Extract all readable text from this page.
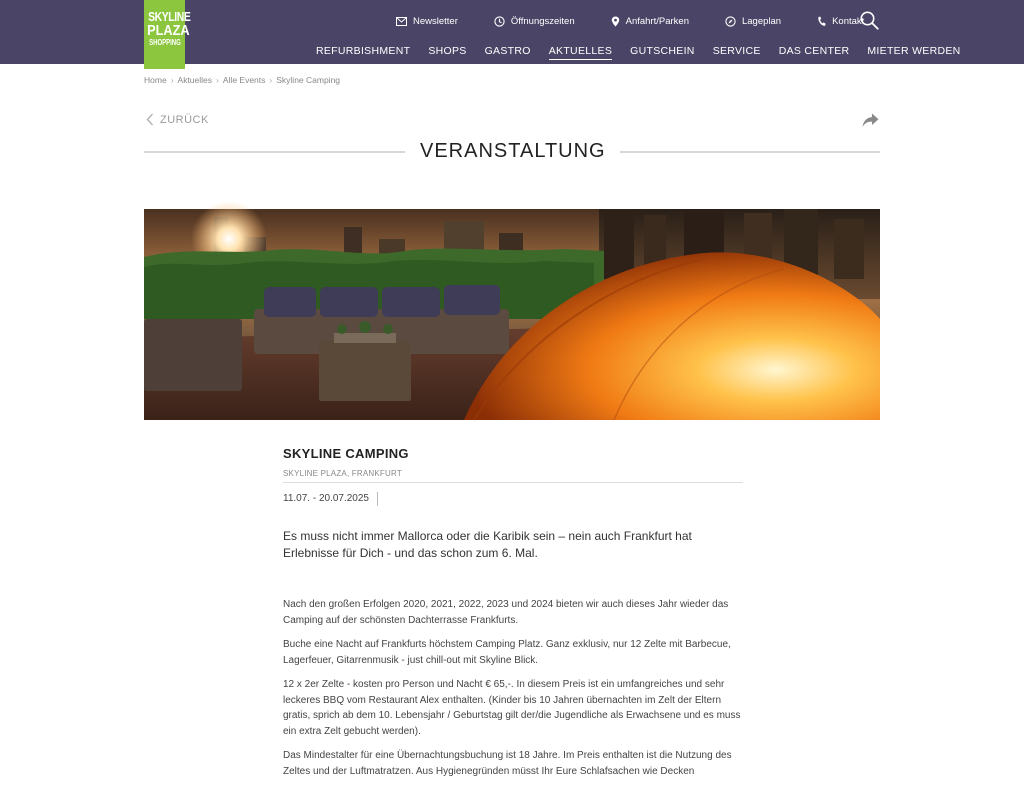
SKYLINE
PLAZA
SHOPPING
Newsletter	Öffnungszeiten	Anfahrt/Parken	Lageplan	Kontakt
REFURBISHMENT SHOPS GASTRO AKTUELLES GUTSCHEIN SERVICE DAS CENTER MIETER WERDEN
Home › Aktuelles › Alle Events › Skyline Camping
ZURÜCK
VERANSTALTUNG
SKYLINE CAMPING
SKYLINE PLAZA, FRANKFURT
11.07. - 20.07.2025

Es muss nicht immer Mallorca oder die Karibik sein – nein auch Frankfurt hat Erlebnisse für Dich - und das schon zum 6. Mal.

Nach den großen Erfolgen 2020, 2021, 2022, 2023 und 2024 bieten wir auch dieses Jahr wieder das Camping auf der schönsten Dachterrasse Frankfurts.

Buche eine Nacht auf Frankfurts höchstem Camping Platz. Ganz exklusiv, nur 12 Zelte mit Barbecue, Lagerfeuer, Gitarrenmusik - just chill-out mit Skyline Blick.

12 x 2er Zelte - kosten pro Person und Nacht € 65,-. In diesem Preis ist ein umfangreiches und sehr leckeres BBQ vom Restaurant Alex enthalten. (Kinder bis 10 Jahren übernachten im Zelt der Eltern gratis, sprich ab dem 10. Lebensjahr / Geburtstag gilt der/die Jugendliche als Erwachsene und es muss ein extra Zelt gebucht werden).

Das Mindestalter für eine Übernachtungsbuchung ist 18 Jahre. Im Preis enthalten ist die Nutzung des Zeltes und der Luftmatratzen. Aus Hygienegründen müsst Ihr Eure Schlafsachen wie Decken
